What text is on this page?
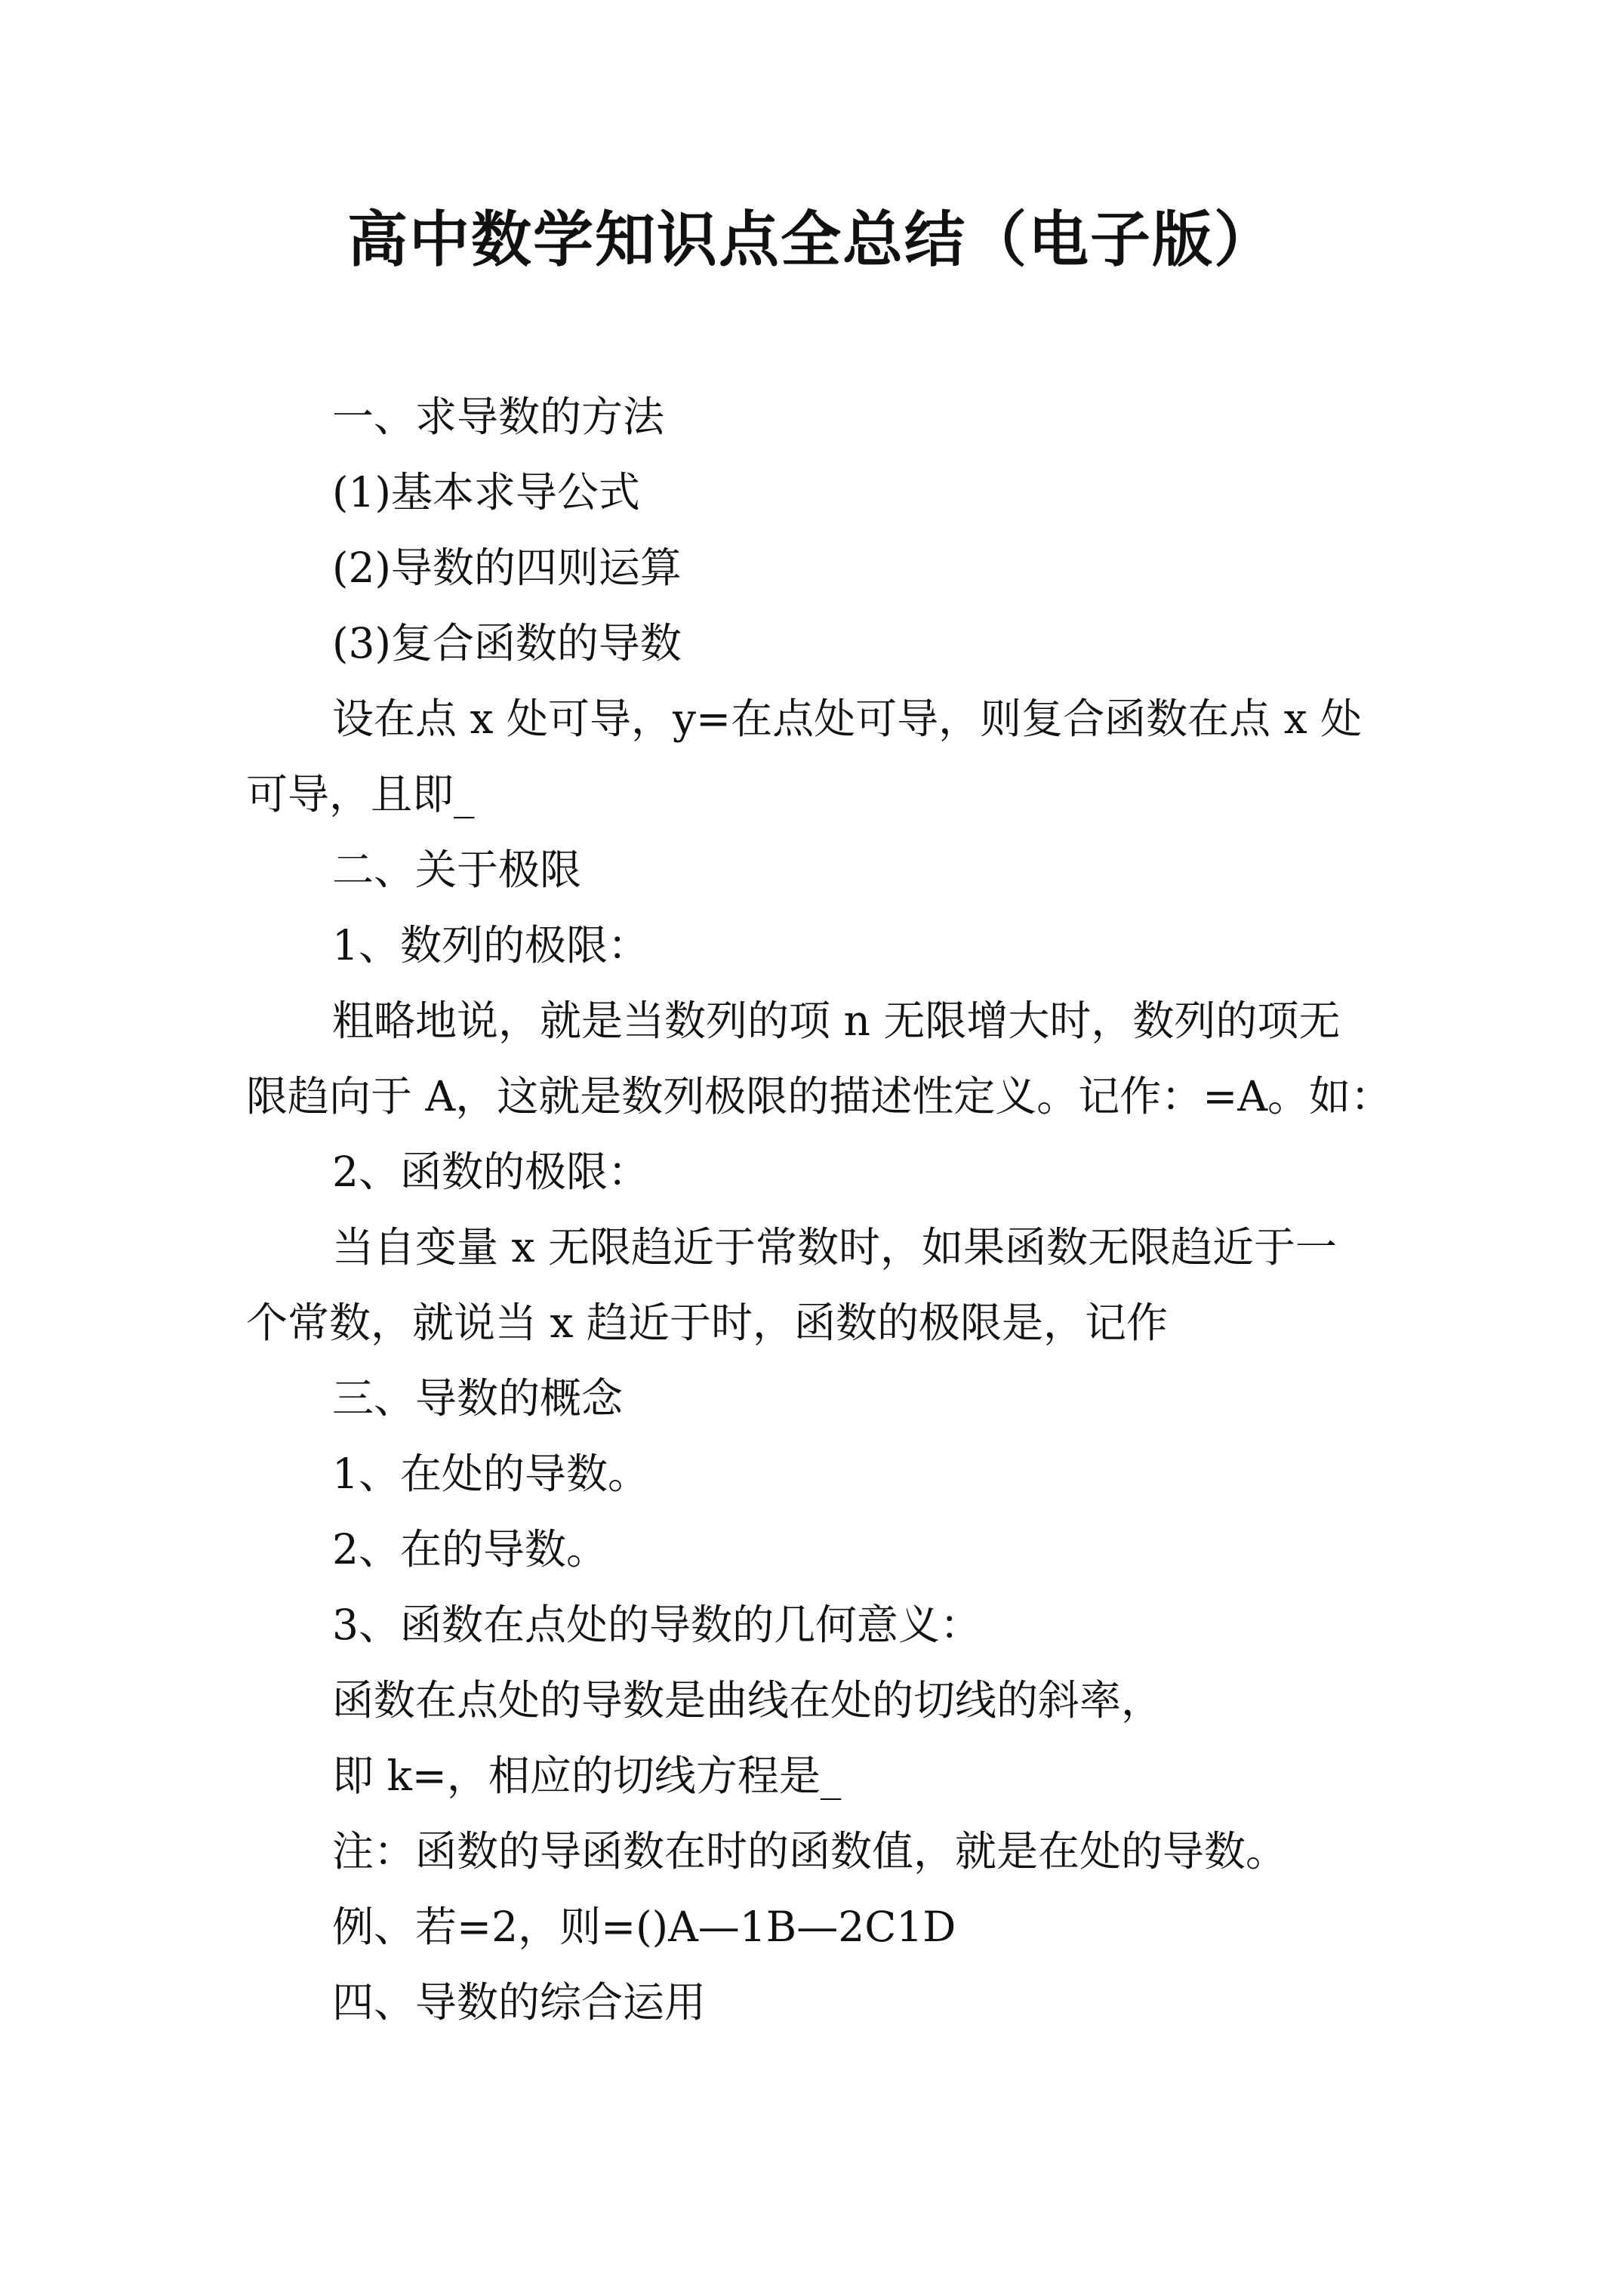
高中数学知识点全总结（电子版）

一、求导数的方法

(1)基本求导公式

(2)导数的四则运算

(3)复合函数的导数

设在点 x 处可导，y=在点处可导，则复合函数在点 x 处

可导，且即_

二、关于极限

1、数列的极限：

粗略地说，就是当数列的项 n 无限增大时，数列的项无

限趋向于 A，这就是数列极限的描述性定义。记作：=A。如：

2、函数的极限：

当自变量 x 无限趋近于常数时，如果函数无限趋近于一

个常数，就说当 x 趋近于时，函数的极限是，记作

三、导数的概念

1、在处的导数。

2、在的导数。

3、函数在点处的导数的几何意义：

函数在点处的导数是曲线在处的切线的斜率，

即 k=，相应的切线方程是_

注：函数的导函数在时的函数值，就是在处的导数。

例、若=2，则=()A—1B—2C1D

四、导数的综合运用
